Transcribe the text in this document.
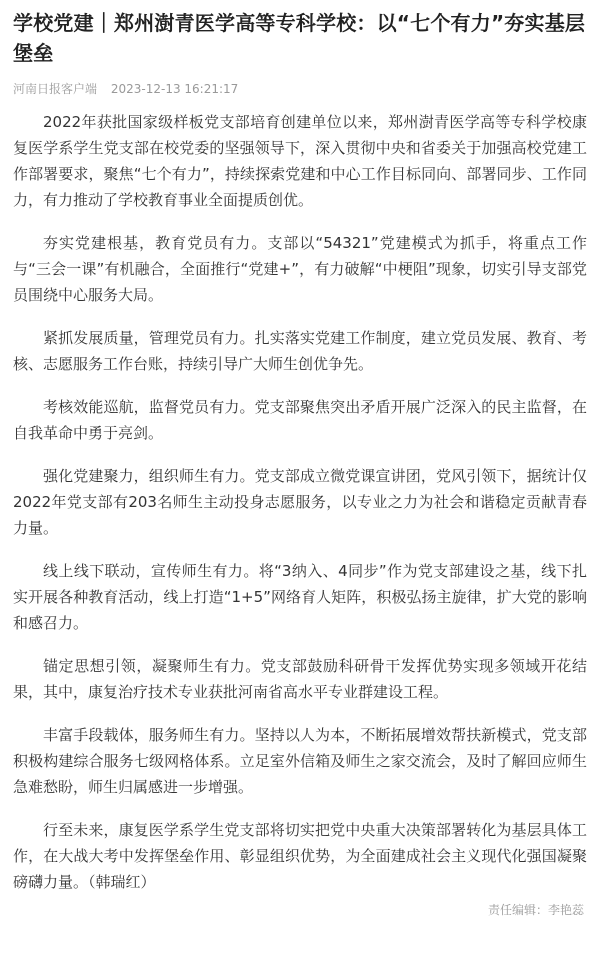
学校党建｜郑州澍青医学高等专科学校：以“七个有力”夯实基层堡垒
河南日报客户端 2023-12-13 16:21:17

2022年获批国家级样板党支部培育创建单位以来，郑州澍青医学高等专科学校康复医学系学生党支部在校党委的坚强领导下，深入贯彻中央和省委关于加强高校党建工作部署要求，聚焦“七个有力”，持续探索党建和中心工作目标同向、部署同步、工作同力，有力推动了学校教育事业全面提质创优。

夯实党建根基，教育党员有力。支部以“54321”党建模式为抓手，将重点工作与“三会一课”有机融合，全面推行“党建+”，有力破解“中梗阻”现象，切实引导支部党员围绕中心服务大局。

紧抓发展质量，管理党员有力。扎实落实党建工作制度，建立党员发展、教育、考核、志愿服务工作台账，持续引导广大师生创优争先。

考核效能巡航，监督党员有力。党支部聚焦突出矛盾开展广泛深入的民主监督，在自我革命中勇于亮剑。

强化党建聚力，组织师生有力。党支部成立微党课宣讲团，党风引领下，据统计仅2022年党支部有203名师生主动投身志愿服务，以专业之力为社会和谐稳定贡献青春力量。

线上线下联动，宣传师生有力。将“3纳入、4同步”作为党支部建设之基，线下扎实开展各种教育活动，线上打造“1+5”网络育人矩阵，积极弘扬主旋律，扩大党的影响和感召力。

锚定思想引领，凝聚师生有力。党支部鼓励科研骨干发挥优势实现多领域开花结果，其中，康复治疗技术专业获批河南省高水平专业群建设工程。

丰富手段载体，服务师生有力。坚持以人为本，不断拓展增效帮扶新模式，党支部积极构建综合服务七级网格体系。立足室外信箱及师生之家交流会，及时了解回应师生急难愁盼，师生归属感进一步增强。

行至未来，康复医学系学生党支部将切实把党中央重大决策部署转化为基层具体工作，在大战大考中发挥堡垒作用、彰显组织优势，为全面建成社会主义现代化强国凝聚磅礴力量。（韩瑞红）

责任编辑：李艳蕊
